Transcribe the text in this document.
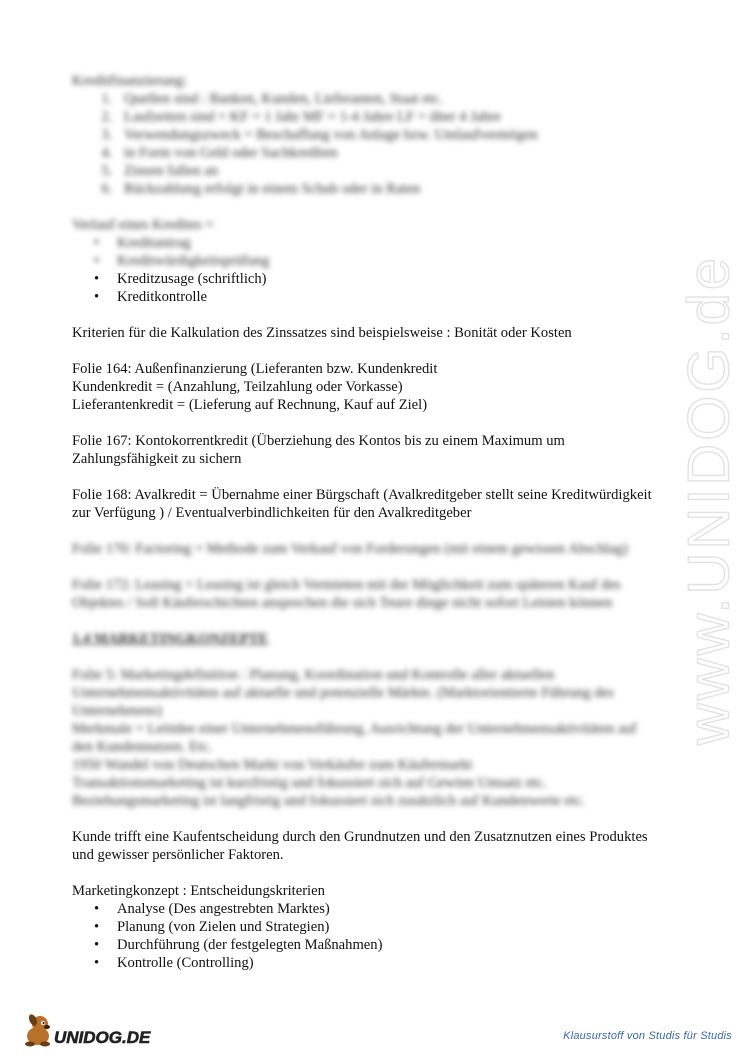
www.UNIDOG.de

Kreditfinanzierung:

1. Quellen sind : Banken, Kunden, Lieferanten, Staat etc.
2. Laufzeiten sind = KF = 1 Jahr MF = 1-4 Jahre LF = über 4 Jahre
3. Verwendungszweck = Beschaffung von Anlage bzw. Umlaufvermögen
4. in Form von Geld oder Sachkrediten
5. Zinsen fallen an
6. Rückzahlung erfolgt in einem Schub oder in Raten

Verlauf eines Kredites =

• Kreditantrag
• Kreditwürdigkeitsprüfung
• Kreditzusage (schriftlich)
• Kreditkontrolle

Kriterien für die Kalkulation des Zinssatzes sind beispielsweise : Bonität oder Kosten

Folie 164: Außenfinanzierung (Lieferanten bzw. Kundenkredit

Kundenkredit = (Anzahlung, Teilzahlung oder Vorkasse)

Lieferantenkredit = (Lieferung auf Rechnung, Kauf auf Ziel)

Folie 167: Kontokorrentkredit (Überziehung des Kontos bis zu einem Maximum um

Zahlungsfähigkeit zu sichern

Folie 168: Avalkredit = Übernahme einer Bürgschaft (Avalkreditgeber stellt seine Kreditwürdigkeit

zur Verfügung ) / Eventualverbindlichkeiten für den Avalkreditgeber

Folie 170: Factoring = Methode zum Verkauf von Forderungen (mit einem gewissen Abschlag)

Folie 172: Leasing = Leasing ist gleich Vermieten mit der Möglichkeit zum späteren Kauf des

Objektes / Soll Käuferschichten ansprechen die sich Teure dinge nicht sofort Leisten können

1.4 MARKETINGKONZEPTE

Folie 5: Marketingdefinition : Planung, Koordination und Kontrolle aller aktuellen

Unternehmensaktivitäten auf aktuelle und potenzielle Märkte. (Marktorientierte Führung des

Unternehmens)

Merkmale = Leitidee einer Unternehmensführung, Ausrichtung der Unternehmensaktivitäten auf

den Kundennutzen. Etc.

1950 Wandel von Deutschen Markt von Verkäufer zum Käufermarkt

Transaktionsmarketing ist kurzfristig und fokussiert sich auf Gewinn Umsatz etc.

Beziehungsmarketing ist langfristig und fokussiert sich zusätzlich auf Kundenwerte etc.

Kunde trifft eine Kaufentscheidung durch den Grundnutzen und den Zusatznutzen eines Produktes

und gewisser persönlicher Faktoren.

Marketingkonzept : Entscheidungskriterien

• Analyse (Des angestrebten Marktes)
• Planung (von Zielen und Strategien)
• Durchführung (der festgelegten Maßnahmen)
• Kontrolle (Controlling)
UNIDOG.DE	Klausurstoff von Studis für Studis
